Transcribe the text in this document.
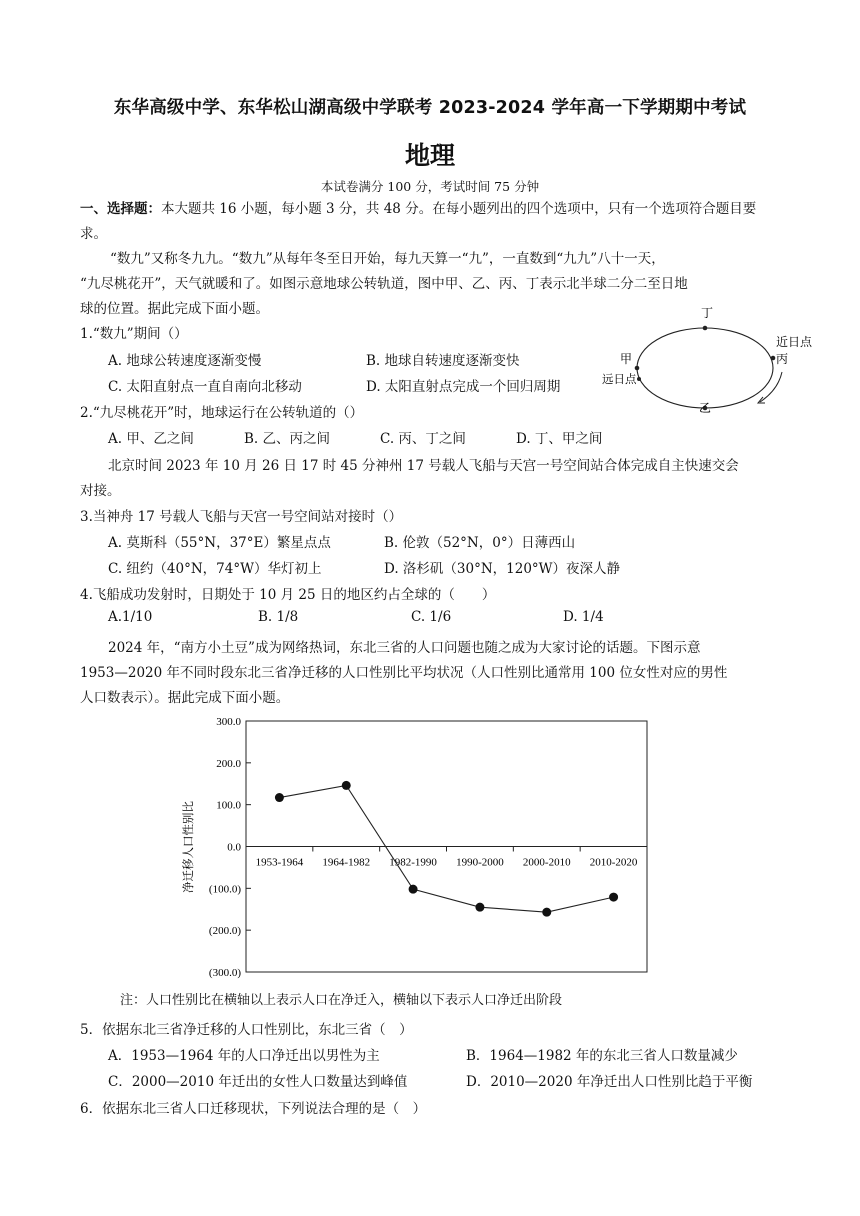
东华高级中学、东华松山湖高级中学联考 2023-2024 学年高一下学期期中考试
地理
本试卷满分 100 分，考试时间 75 分钟
一、选择题：本大题共 16 小题，每小题 3 分，共 48 分。在每小题列出的四个选项中，只有一个选项符合题目要求。
“数九”又称冬九九。“数九”从每年冬至日开始，每九天算一“九”，一直数到“九九”八十一天，
“九尽桃花开”，天气就暖和了。如图示意地球公转轨道，图中甲、乙、丙、丁表示北半球二分二至日地
球的位置。据此完成下面小题。	丁
甲	丙
乙
近日点
远日点
1.“数九”期间（）
A. 地球公转速度逐渐变慢	B. 地球自转速度逐渐变快
C. 太阳直射点一直自南向北移动	D. 太阳直射点完成一个回归周期
2.“九尽桃花开”时，地球运行在公转轨道的（）
A. 甲、乙之间	B. 乙、丙之间	C. 丙、丁之间	D. 丁、甲之间
北京时间 2023 年 10 月 26 日 17 时 45 分神州 17 号载人飞船与天宫一号空间站合体完成自主快速交会
对接。
3.当神舟 17 号载人飞船与天宫一号空间站对接时（）
A. 莫斯科（55°N，37°E）繁星点点	B. 伦敦（52°N，0°）日薄西山
C. 纽约（40°N，74°W）华灯初上	D. 洛杉矶（30°N，120°W）夜深人静
4.飞船成功发射时，日期处于 10 月 25 日的地区约占全球的（　　）
A.1/10	B. 1/8	C. 1/6	D. 1/4
2024 年，“南方小土豆”成为网络热词，东北三省的人口问题也随之成为大家讨论的话题。下图示意
1953—2020 年不同时段东北三省净迁移的人口性别比平均状况（人口性别比通常用 100 位女性对应的男性
人口数表示）。据此完成下面小题。
净迁移人口性别比
300.0
200.0
100.0
0.0
(100.0)
(200.0)
(300.0)
1953-1964 1964-1982 1982-1990 1990-2000 2000-2010 2010-2020
注：人口性别比在横轴以上表示人口在净迁入，横轴以下表示人口净迁出阶段
5．依据东北三省净迁移的人口性别比，东北三省（　）
A．1953—1964 年的人口净迁出以男性为主	B．1964—1982 年的东北三省人口数量减少
C．2000—2010 年迁出的女性人口数量达到峰值	D．2010—2020 年净迁出人口性别比趋于平衡
6．依据东北三省人口迁移现状，下列说法合理的是（　）
